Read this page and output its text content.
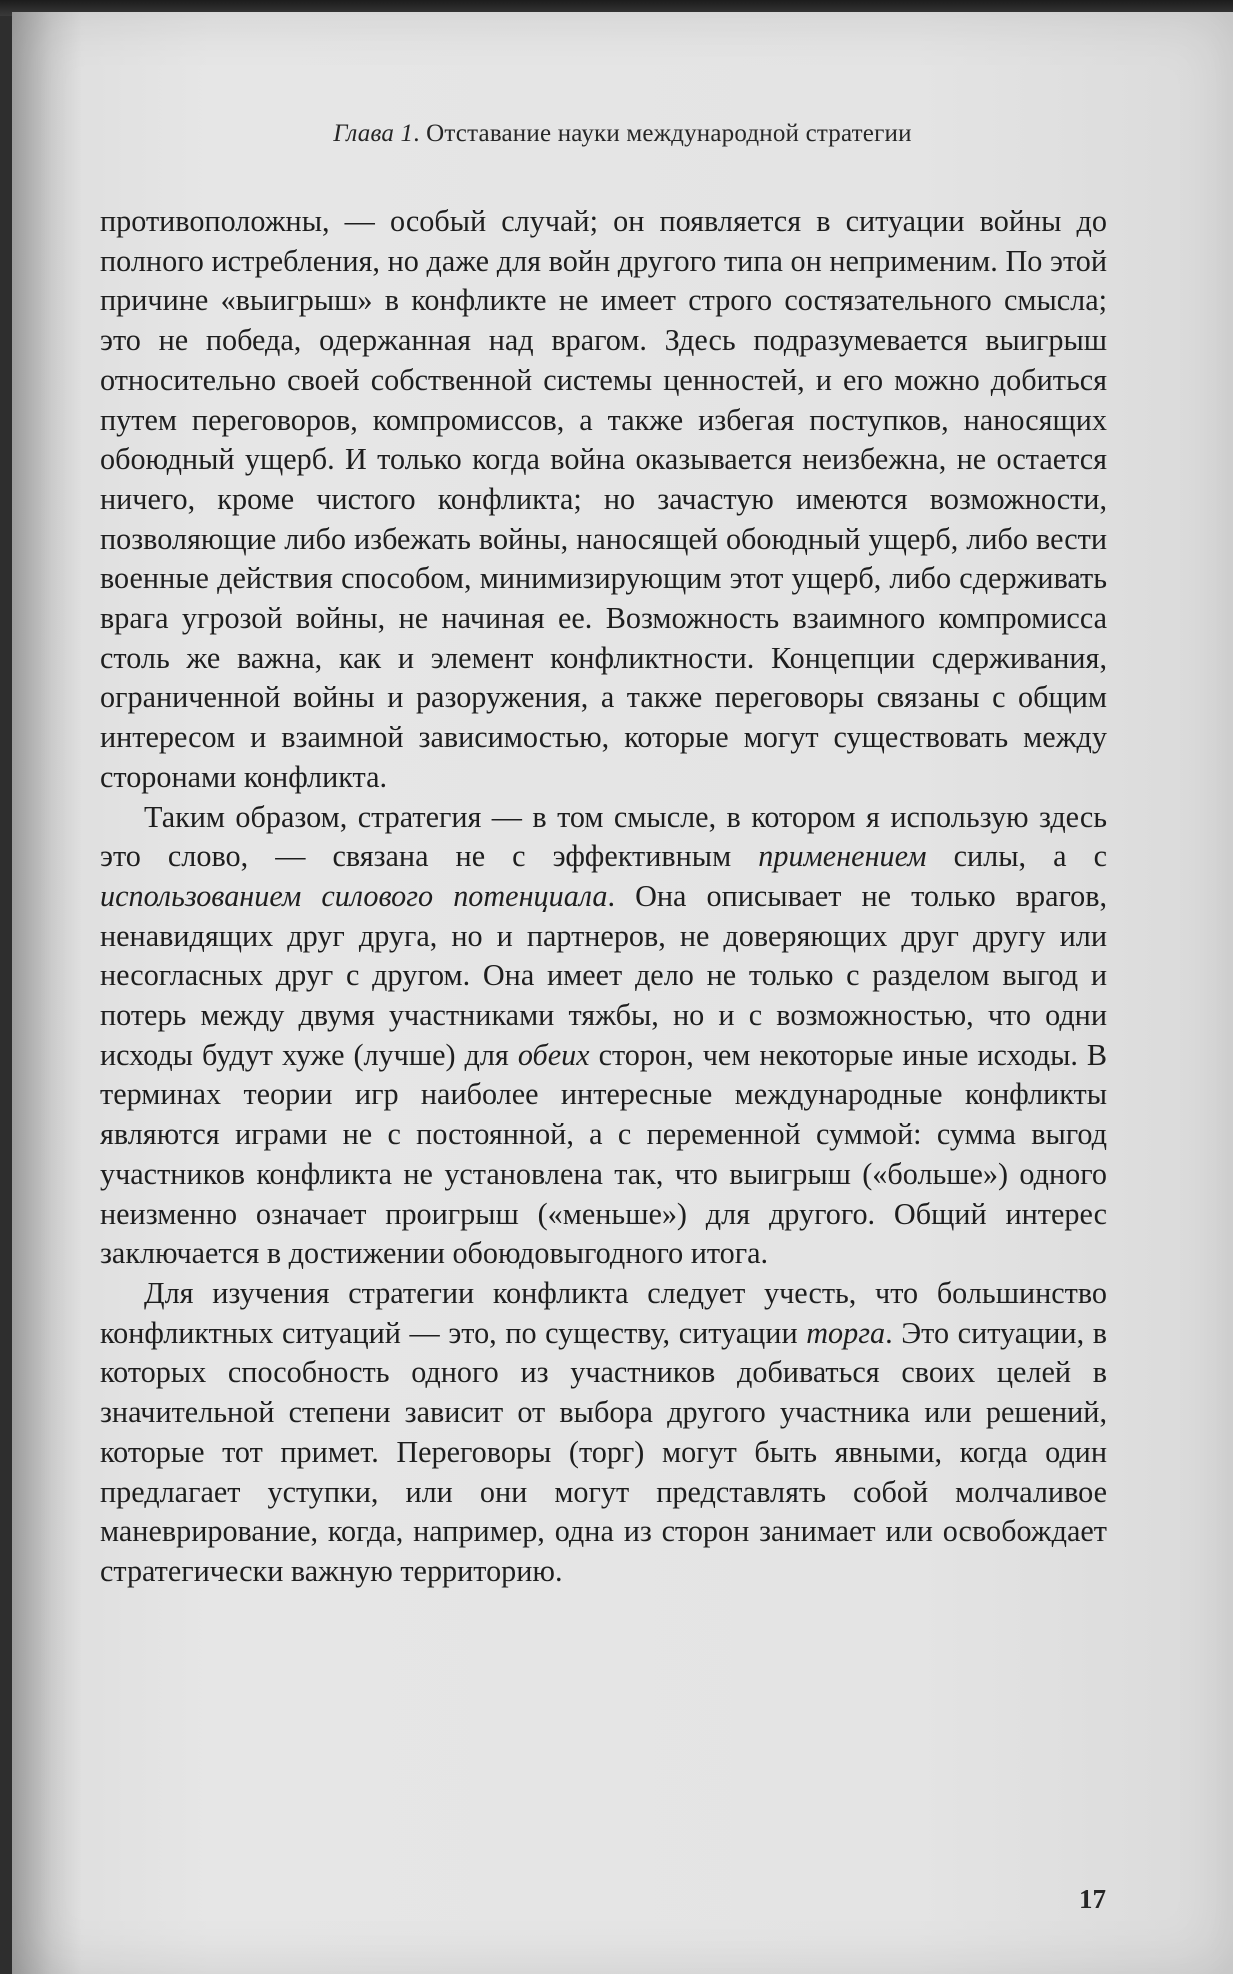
Глава 1. Отставание науки международной стратегии

противоположны, — особый случай; он появляется в ситуации войны до полного истребления, но даже для войн другого типа он неприменим. По этой причине «выигрыш» в конфликте не имеет строго состязательного смысла; это не победа, одержанная над врагом. Здесь подразумевается выигрыш относительно своей собственной системы ценностей, и его можно добиться путем переговоров, компромиссов, а также избегая поступков, наносящих обоюдный ущерб. И только когда война оказывается неизбежна, не остается ничего, кроме чистого конфликта; но зачастую имеются возможности, позволяющие либо избежать войны, наносящей обоюдный ущерб, либо вести военные действия способом, минимизирующим этот ущерб, либо сдерживать врага угрозой войны, не начиная ее. Возможность взаимного компромисса столь же важна, как и элемент конфликтности. Концепции сдерживания, ограниченной войны и разоружения, а также переговоры связаны с общим интересом и взаимной зависимостью, которые могут существовать между сторонами конфликта.

Таким образом, стратегия — в том смысле, в котором я использую здесь это слово, — связана не с эффективным применением силы, а с использованием силового потенциала. Она описывает не только врагов, ненавидящих друг друга, но и партнеров, не доверяющих друг другу или несогласных друг с другом. Она имеет дело не только с разделом выгод и потерь между двумя участниками тяжбы, но и с возможностью, что одни исходы будут хуже (лучше) для обеих сторон, чем некоторые иные исходы. В терминах теории игр наиболее интересные международные конфликты являются играми не с постоянной, а с переменной суммой: сумма выгод участников конфликта не установлена так, что выигрыш («больше») одного неизменно означает проигрыш («меньше») для другого. Общий интерес заключается в достижении обоюдовыгодного итога.

Для изучения стратегии конфликта следует учесть, что большинство конфликтных ситуаций — это, по существу, ситуации торга. Это ситуации, в которых способность одного из участников добиваться своих целей в значительной степени зависит от выбора другого участника или решений, которые тот примет. Переговоры (торг) могут быть явными, когда один предлагает уступки, или они могут представлять собой молчаливое маневрирование, когда, например, одна из сторон занимает или освобождает стратегически важную территорию.

17
